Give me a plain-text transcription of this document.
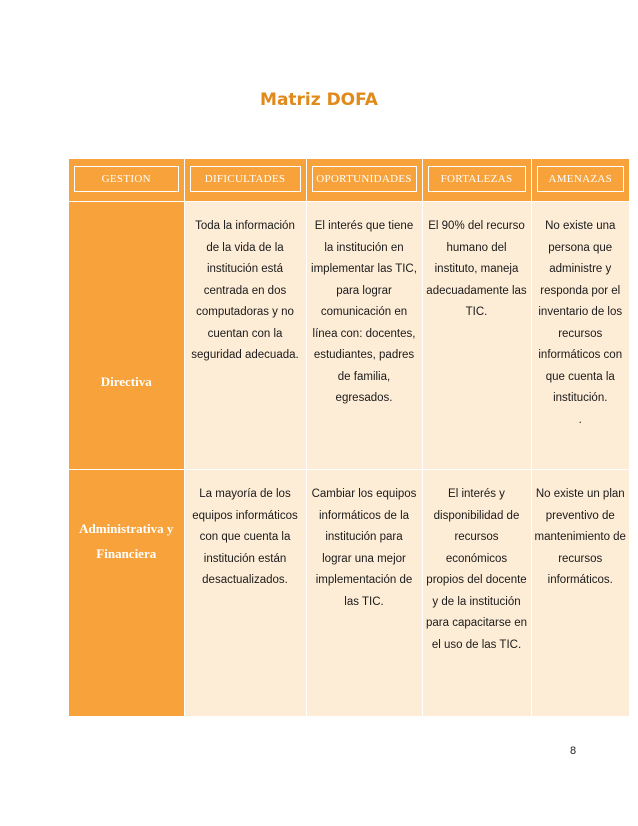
Matriz DOFA
GESTION	DIFICULTADES	OPORTUNIDADES	FORTALEZAS	AMENAZAS

Directiva	Toda la información de la vida de la institución está centrada en dos computadoras y no cuentan con la seguridad adecuada.	El interés que tiene la institución en implementar las TIC, para lograr comunicación en línea con: docentes, estudiantes, padres de familia, egresados.	El 90% del recurso humano del instituto, maneja adecuadamente las TIC.	No existe una persona que administre y responda por el inventario de los recursos informáticos con que cuenta la institución.
.

Administrativa y Financiera	La mayoría de los equipos informáticos con que cuenta la institución están desactualizados.	Cambiar los equipos informáticos de la institución para lograr una mejor implementación de las TIC.	El interés y disponibilidad de recursos económicos propios del docente y de la institución para capacitarse en el uso de las TIC.	No existe un plan preventivo de mantenimiento de recursos informáticos.
8
